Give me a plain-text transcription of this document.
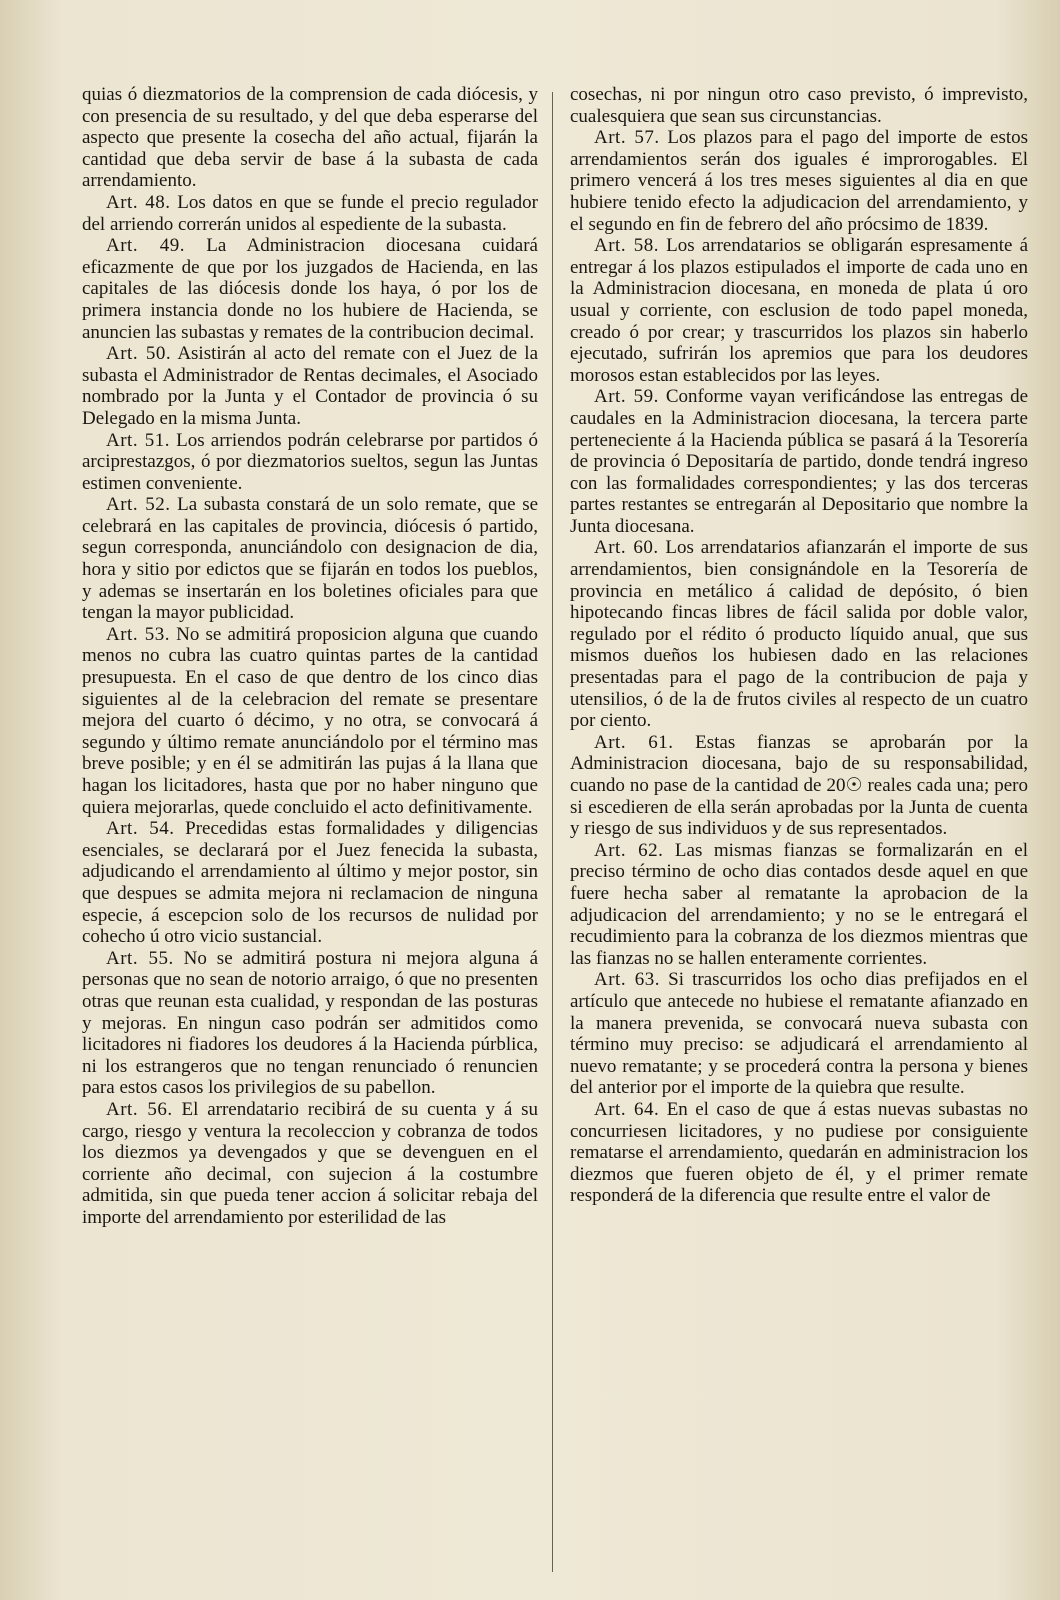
quias ó diezmatorios de la comprension de cada diócesis, y con presencia de su resultado, y del que deba esperarse del aspecto que presente la cosecha del año actual, fijarán la cantidad que deba servir de base á la subasta de cada arrendamiento.

Art. 48. Los datos en que se funde el precio regulador del arriendo correrán unidos al espediente de la subasta.

Art. 49. La Administracion diocesana cuidará eficazmente de que por los juzgados de Hacienda, en las capitales de las diócesis donde los haya, ó por los de primera instancia donde no los hubiere de Hacienda, se anuncien las subastas y remates de la contribucion decimal.

Art. 50. Asistirán al acto del remate con el Juez de la subasta el Administrador de Rentas decimales, el Asociado nombrado por la Junta y el Contador de provincia ó su Delegado en la misma Junta.

Art. 51. Los arriendos podrán celebrarse por partidos ó arciprestazgos, ó por diezmatorios sueltos, segun las Juntas estimen conveniente.

Art. 52. La subasta constará de un solo remate, que se celebrará en las capitales de provincia, diócesis ó partido, segun corresponda, anunciándolo con designacion de dia, hora y sitio por edictos que se fijarán en todos los pueblos, y ademas se insertarán en los boletines oficiales para que tengan la mayor publicidad.

Art. 53. No se admitirá proposicion alguna que cuando menos no cubra las cuatro quintas partes de la cantidad presupuesta. En el caso de que dentro de los cinco dias siguientes al de la celebracion del remate se presentare mejora del cuarto ó décimo, y no otra, se convocará á segundo y último remate anunciándolo por el término mas breve posible; y en él se admitirán las pujas á la llana que hagan los licitadores, hasta que por no haber ninguno que quiera mejorarlas, quede concluido el acto definitivamente.

Art. 54. Precedidas estas formalidades y diligencias esenciales, se declarará por el Juez fenecida la subasta, adjudicando el arrendamiento al último y mejor postor, sin que despues se admita mejora ni reclamacion de ninguna especie, á escepcion solo de los recursos de nulidad por cohecho ú otro vicio sustancial.

Art. 55. No se admitirá postura ni mejora alguna á personas que no sean de notorio arraigo, ó que no presenten otras que reunan esta cualidad, y respondan de las posturas y mejoras. En ningun caso podrán ser admitidos como licitadores ni fiadores los deudores á la Hacienda púrblica, ni los estrangeros que no tengan renunciado ó renuncien para estos casos los privilegios de su pabellon.

Art. 56. El arrendatario recibirá de su cuenta y á su cargo, riesgo y ventura la recoleccion y cobranza de todos los diezmos ya devengados y que se devenguen en el corriente año decimal, con sujecion á la costumbre admitida, sin que pueda tener accion á solicitar rebaja del importe del arrendamiento por esterilidad de las

cosechas, ni por ningun otro caso previsto, ó imprevisto, cualesquiera que sean sus circunstancias.

Art. 57. Los plazos para el pago del importe de estos arrendamientos serán dos iguales é improrogables. El primero vencerá á los tres meses siguientes al dia en que hubiere tenido efecto la adjudicacion del arrendamiento, y el segundo en fin de febrero del año prócsimo de 1839.

Art. 58. Los arrendatarios se obligarán espresamente á entregar á los plazos estipulados el importe de cada uno en la Administracion diocesana, en moneda de plata ú oro usual y corriente, con esclusion de todo papel moneda, creado ó por crear; y trascurridos los plazos sin haberlo ejecutado, sufrirán los apremios que para los deudores morosos estan establecidos por las leyes.

Art. 59. Conforme vayan verificándose las entregas de caudales en la Administracion diocesana, la tercera parte perteneciente á la Hacienda pública se pasará á la Tesorería de provincia ó Depositaría de partido, donde tendrá ingreso con las formalidades correspondientes; y las dos terceras partes restantes se entregarán al Depositario que nombre la Junta diocesana.

Art. 60. Los arrendatarios afianzarán el importe de sus arrendamientos, bien consignándole en la Tesorería de provincia en metálico á calidad de depósito, ó bien hipotecando fincas libres de fácil salida por doble valor, regulado por el rédito ó producto líquido anual, que sus mismos dueños los hubiesen dado en las relaciones presentadas para el pago de la contribucion de paja y utensilios, ó de la de frutos civiles al respecto de un cuatro por ciento.

Art. 61. Estas fianzas se aprobarán por la Administracion diocesana, bajo de su responsabilidad, cuando no pase de la cantidad de 20☉ reales cada una; pero si escedieren de ella serán aprobadas por la Junta de cuenta y riesgo de sus individuos y de sus representados.

Art. 62. Las mismas fianzas se formalizarán en el preciso término de ocho dias contados desde aquel en que fuere hecha saber al rematante la aprobacion de la adjudicacion del arrendamiento; y no se le entregará el recudimiento para la cobranza de los diezmos mientras que las fianzas no se hallen enteramente corrientes.

Art. 63. Si trascurridos los ocho dias prefijados en el artículo que antecede no hubiese el rematante afianzado en la manera prevenida, se convocará nueva subasta con término muy preciso: se adjudicará el arrendamiento al nuevo rematante; y se procederá contra la persona y bienes del anterior por el importe de la quiebra que resulte.

Art. 64. En el caso de que á estas nuevas subastas no concurriesen licitadores, y no pudiese por consiguiente rematarse el arrendamiento, quedarán en administracion los diezmos que fueren objeto de él, y el primer remate responderá de la diferencia que resulte entre el valor de
